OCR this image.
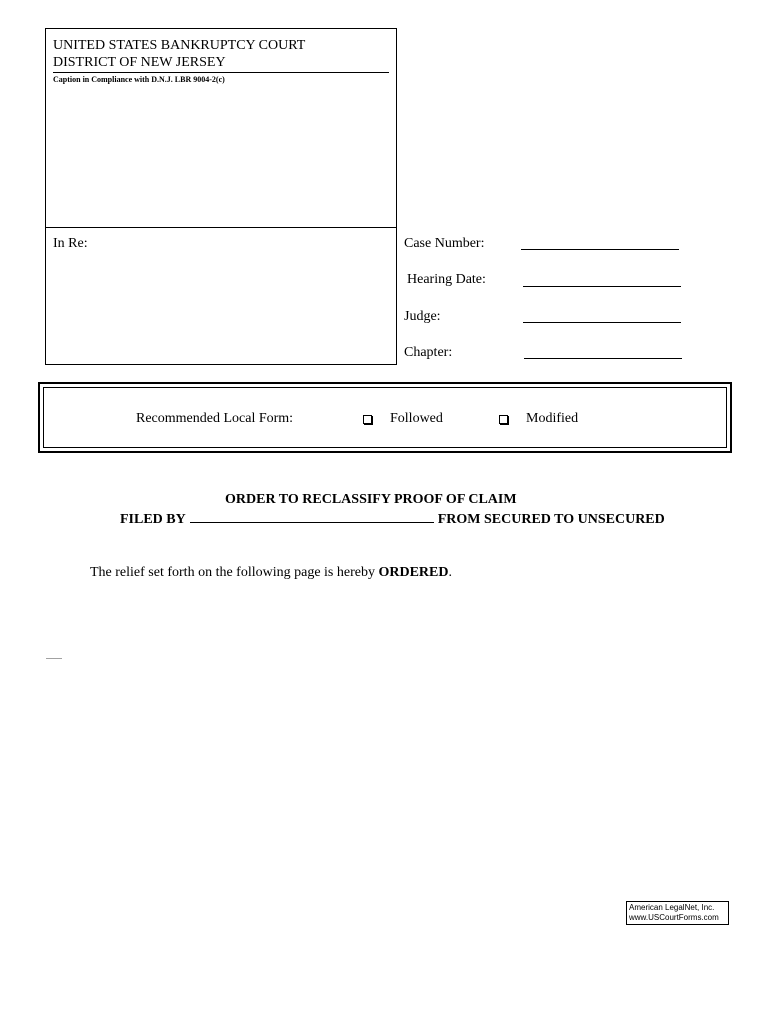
UNITED STATES BANKRUPTCY COURT
DISTRICT OF NEW JERSEY
Caption in Compliance with D.N.J. LBR 9004-2(c)
In Re:	Case Number:
Hearing Date:
Judge:
Chapter:
Recommended Local Form:	Followed	Modified
ORDER TO RECLASSIFY PROOF OF CLAIM
FILED BY	FROM SECURED TO UNSECURED
The relief set forth on the following page is hereby ORDERED.
........
American LegalNet, Inc.
www.USCourtForms.com
